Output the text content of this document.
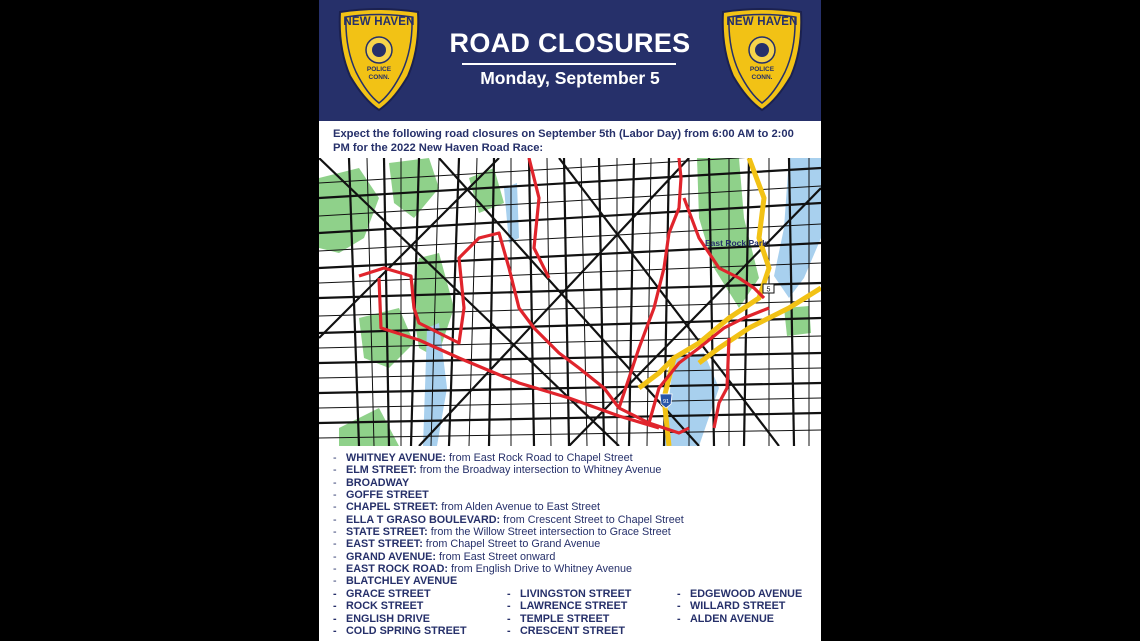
NEW HAVEN
POLICE
CONN.
ROAD CLOSURES
Monday, September 5
NEW HAVEN
POLICE
CONN.
Expect the following road closures on September 5th (Labor Day) from 6:00 AM to 2:00 PM for the 2022 New Haven Road Race:
5
91
East Rock Park
- WHITNEY AVENUE: from East Rock Road to Chapel Street
- ELM STREET: from the Broadway intersection to Whitney Avenue
- BROADWAY
- GOFFE STREET
- CHAPEL STREET: from Alden Avenue to East Street
- ELLA T GRASO BOULEVARD: from Crescent Street to Chapel Street
- STATE STREET: from the Willow Street intersection to Grace Street
- EAST STREET: from Chapel Street to Grand Avenue
- GRAND AVENUE: from East Street onward
- EAST ROCK ROAD: from English Drive to Whitney Avenue
- BLATCHLEY AVENUE
- GRACE STREET
- ROCK STREET
- ENGLISH DRIVE
- COLD SPRING STREET
- LIVINGSTON STREET
- LAWRENCE STREET
- TEMPLE STREET
- CRESCENT STREET
- EDGEWOOD AVENUE
- WILLARD STREET
- ALDEN AVENUE
